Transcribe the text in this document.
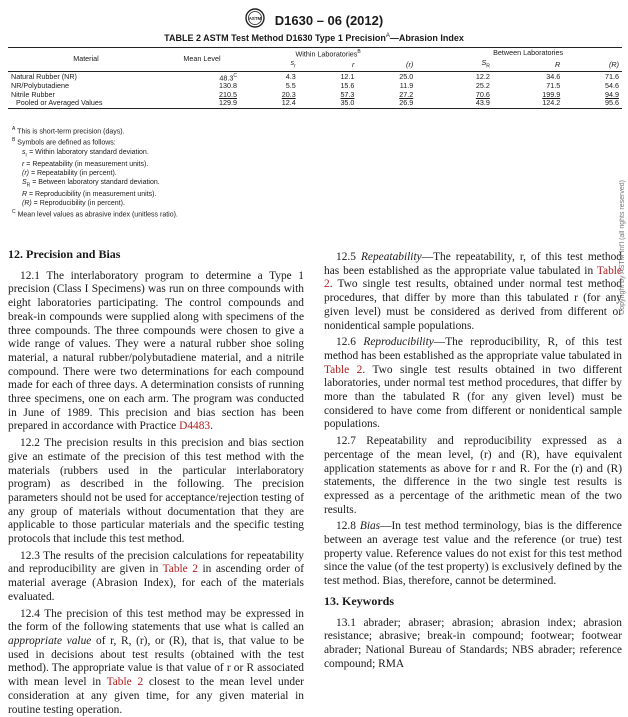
ASTM D1630 – 06 (2012)
TABLE 2 ASTM Test Method D1630 Type 1 Precision$^A$—Abrasion Index
Material	Mean Level	Within Laboratories$^B$				Between Laboratories		
		$s_r$	r	(r)		$S_R$	R	(R)
Natural Rubber (NR)	$48.3^C$	4.3	12.1	25.0		12.2	34.6	71.6
NR/Polybutadiene	130.8	5.5	15.6	11.9		25.2	71.5	54.6
Nitrile Rubber	210.5	20.3	57.3	27.2		70.6	199.9	94.9
Pooled or Averaged Values	129.9	12.4	35.0	26.9		43.9	124.2	95.6
$^A$ This is short-term precision (days).
$^B$ Symbols are defined as follows:
$s_r$ = Within laboratory standard deviation.
r = Repeatability (in measurement units).
(r) = Repeatability (in percent).
$S_R$ = Between laboratory standard deviation.
R = Reproducibility (in measurement units).
(R) = Reproducibility (in percent).
$^C$ Mean level values as abrasive index (unitless ratio).

12. Precision and Bias

12.1 The interlaboratory program to determine a Type 1 precision (Class I Specimens) was run on three compounds with eight laboratories participating. The control compounds and break-in compounds were supplied along with specimens of the three compounds. The three compounds were chosen to give a wide range of values. They were a natural rubber shoe soling material, a natural rubber/polybutadiene material, and a nitrile compound. There were two determinations for each compound made for each of three days. A determination consists of running three specimens, one on each arm. The program was conducted in June of 1989. This precision and bias section has been prepared in accordance with Practice D4483.

12.2 The precision results in this precision and bias section give an estimate of the precision of this test method with the materials (rubbers used in the particular interlaboratory program) as described in the following. The precision parameters should not be used for acceptance/rejection testing of any group of materials without documentation that they are applicable to those particular materials and the specific testing protocols that include this test method.

12.3 The results of the precision calculations for repeatability and reproducibility are given in Table 2 in ascending order of material average (Abrasion Index), for each of the materials evaluated.

12.4 The precision of this test method may be expressed in the form of the following statements that use what is called an appropriate value of r, R, (r), or (R), that is, that value to be used in decisions about test results (obtained with the test method). The appropriate value is that value of r or R associated with mean level in Table 2 closest to the mean level under consideration at any given time, for any given material in routine testing operation.

12.5 Repeatability—The repeatability, r, of this test method has been established as the appropriate value tabulated in Table 2. Two single test results, obtained under normal test method procedures, that differ by more than this tabulated r (for any given level) must be considered as derived from different or nonidentical sample populations.

12.6 Reproducibility—The reproducibility, R, of this test method has been established as the appropriate value tabulated in Table 2. Two single test results obtained in two different laboratories, under normal test method procedures, that differ by more than the tabulated R (for any given level) must be considered to have come from different or nonidentical sample populations.

12.7 Repeatability and reproducibility expressed as a percentage of the mean level, (r) and (R), have equivalent application statements as above for r and R. For the (r) and (R) statements, the difference in the two single test results is expressed as a percentage of the arithmetic mean of the two results.

12.8 Bias—In test method terminology, bias is the difference between an average test value and the reference (or true) test property value. Reference values do not exist for this test method since the value (of the test property) is exclusively defined by the test method. Bias, therefore, cannot be determined.

13. Keywords

13.1 abrader; abraser; abrasion; abrasion index; abrasion resistance; abrasive; break-in compound; footwear; footwear abrader; National Bureau of Standards; NBS abrader; reference compound; RMA

Copyright by ASTM Int'l (all rights reserved)
